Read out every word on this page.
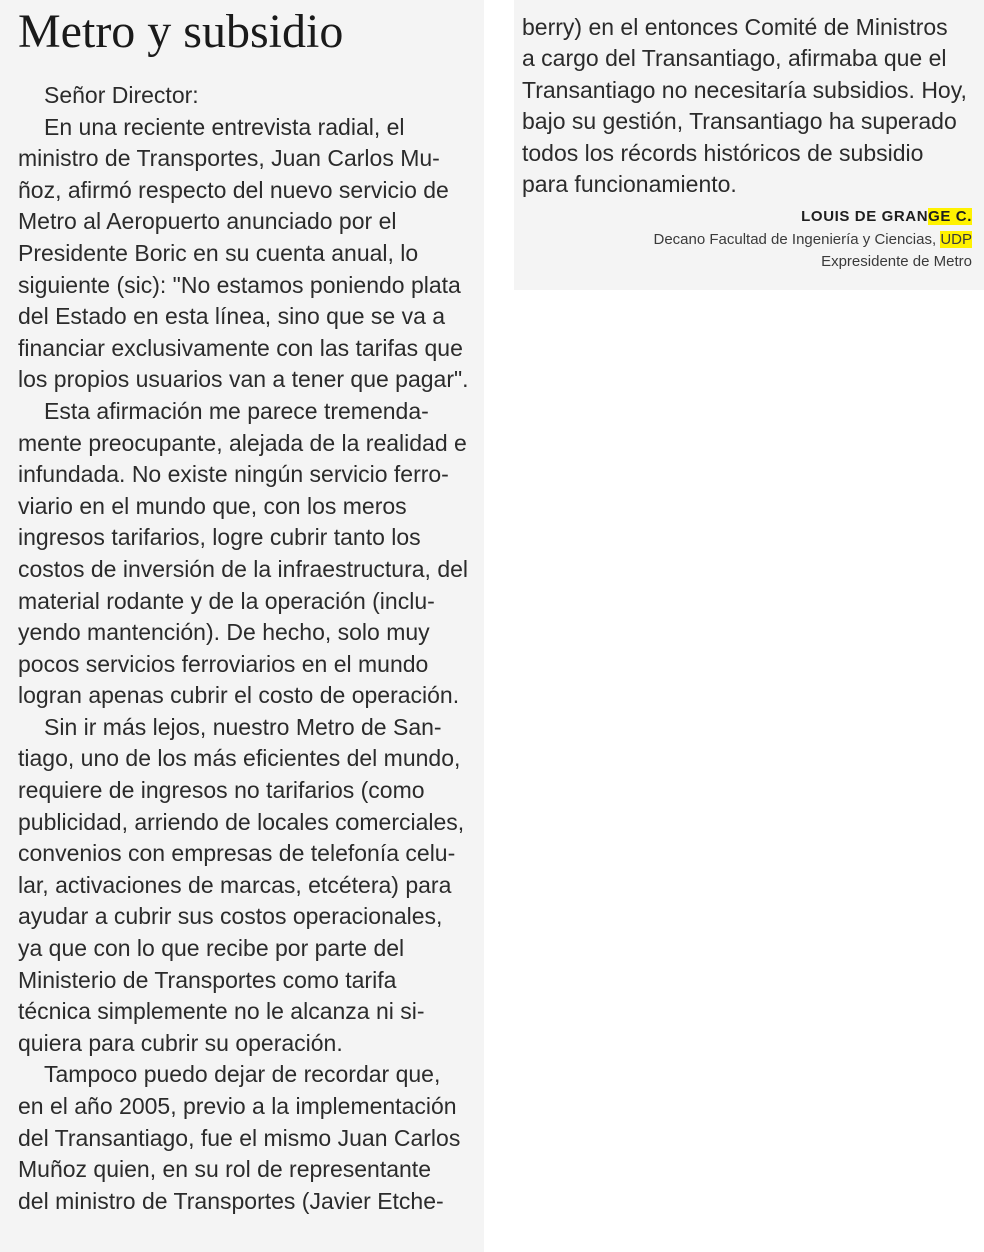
Metro y subsidio
Señor Director:
En una reciente entrevista radial, el
ministro de Transportes, Juan Carlos Mu-
ñoz, afirmó respecto del nuevo servicio de
Metro al Aeropuerto anunciado por el
Presidente Boric en su cuenta anual, lo
siguiente (sic): "No estamos poniendo plata
del Estado en esta línea, sino que se va a
financiar exclusivamente con las tarifas que
los propios usuarios van a tener que pagar".
Esta afirmación me parece tremenda-
mente preocupante, alejada de la realidad e
infundada. No existe ningún servicio ferro-
viario en el mundo que, con los meros
ingresos tarifarios, logre cubrir tanto los
costos de inversión de la infraestructura, del
material rodante y de la operación (inclu-
yendo mantención). De hecho, solo muy
pocos servicios ferroviarios en el mundo
logran apenas cubrir el costo de operación.
Sin ir más lejos, nuestro Metro de San-
tiago, uno de los más eficientes del mundo,
requiere de ingresos no tarifarios (como
publicidad, arriendo de locales comerciales,
convenios con empresas de telefonía celu-
lar, activaciones de marcas, etcétera) para
ayudar a cubrir sus costos operacionales,
ya que con lo que recibe por parte del
Ministerio de Transportes como tarifa
técnica simplemente no le alcanza ni si-
quiera para cubrir su operación.
Tampoco puedo dejar de recordar que,
en el año 2005, previo a la implementación
del Transantiago, fue el mismo Juan Carlos
Muñoz quien, en su rol de representante
del ministro de Transportes (Javier Etche-
berry) en el entonces Comité de Ministros
a cargo del Transantiago, afirmaba que el
Transantiago no necesitaría subsidios. Hoy,
bajo su gestión, Transantiago ha superado
todos los récords históricos de subsidio
para funcionamiento.
LOUIS DE GRANGE C.
Decano Facultad de Ingeniería y Ciencias, UDP
Expresidente de Metro
